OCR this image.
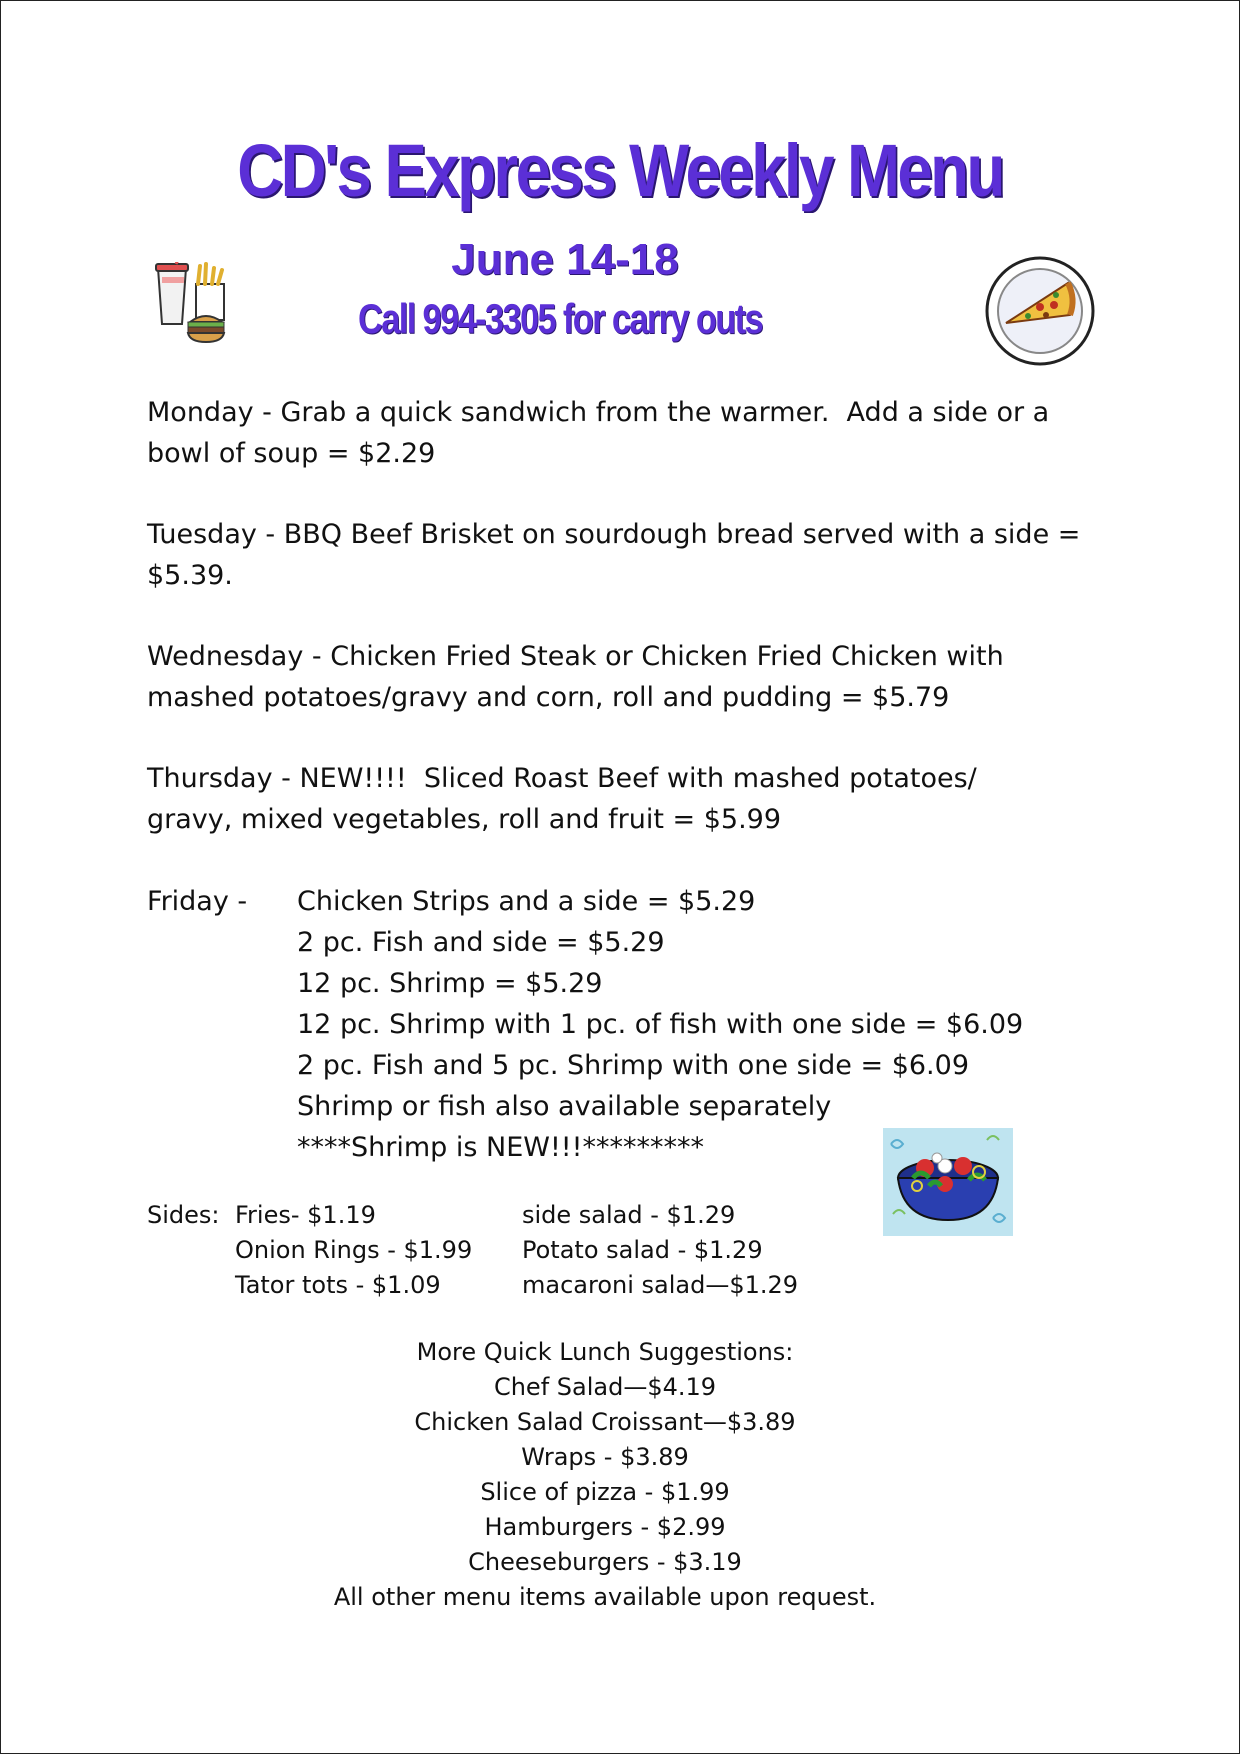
CD's Express Weekly Menu
June 14-18
Call 994-3305 for carry outs

Monday - Grab a quick sandwich from the warmer.  Add a side or a bowl of soup = $2.29

Tuesday - BBQ Beef Brisket on sourdough bread served with a side = $5.39.

Wednesday - Chicken Fried Steak or Chicken Fried Chicken with mashed potatoes/gravy and corn, roll and pudding = $5.79

Thursday - NEW!!!!  Sliced Roast Beef with mashed potatoes/

gravy, mixed vegetables, roll and fruit = $5.99

Friday -	Chicken Strips and a side = $5.29
2 pc. Fish and side = $5.29
12 pc. Shrimp = $5.29
12 pc. Shrimp with 1 pc. of fish with one side = $6.09
2 pc. Fish and 5 pc. Shrimp with one side = $6.09
Shrimp or fish also available separately
****Shrimp is NEW!!!*********
Sides: Fries- $1.19
Onion Rings - $1.99
Tator tots - $1.09
side salad - $1.29
Potato salad - $1.29
macaroni salad—$1.29
More Quick Lunch Suggestions:
Chef Salad—$4.19
Chicken Salad Croissant—$3.89
Wraps - $3.89
Slice of pizza - $1.99
Hamburgers - $2.99
Cheeseburgers - $3.19
All other menu items available upon request.
